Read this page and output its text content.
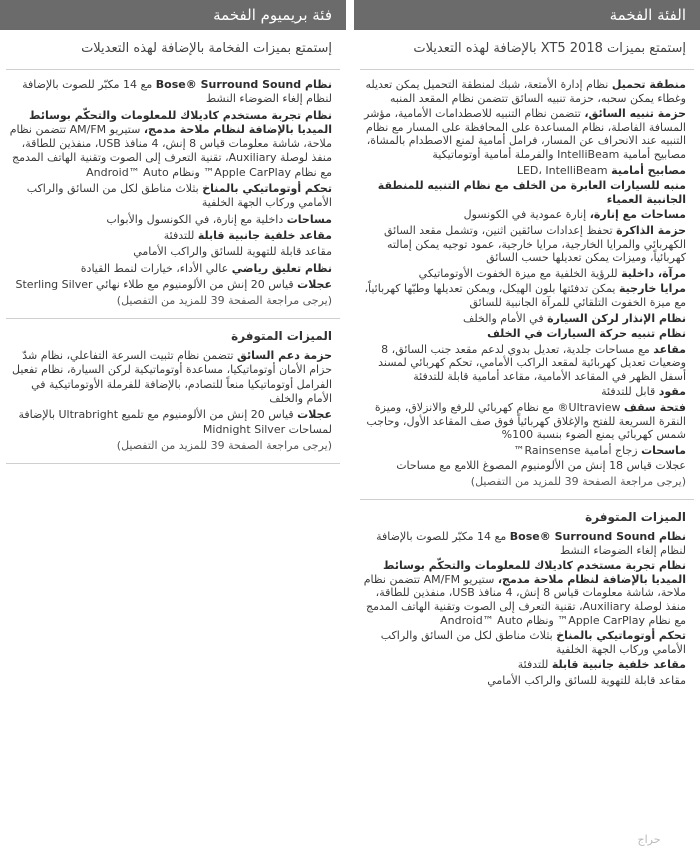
فئة بريميوم الفخمة
إستمتع بميزات الفخامة بالإضافة لهذه التعديلات

نظام Bose® Surround Sound مع 14 مكبّر للصوت بالإضافة لنظام إلغاء الضوضاء النشط

نظام تجربة مستخدم كاديلاك للمعلومات والتحكّم بوسائط الميديا بالإضافة لنظام ملاحة مدمج، ستيريو AM/FM تتضمن نظام ملاحة، شاشة معلومات قياس 8 إنش، 4 منافذ USB، منفذين للطاقة، منفذ لوصلة Auxiliary، تقنية التعرف إلى الصوت وتقنية الهاتف المدمج مع نظام Apple CarPlay™ ونظام Android™ Auto

تحكم أوتوماتيكي بالمناخ بثلاث مناطق لكل من السائق والراكب الأمامي وركاب الجهة الخلفية

مساحات داخلية مع إنارة، في الكونسول والأبواب

مقاعد خلفية جانبية قابلة للتدفئة

مقاعد قابلة للتهوية للسائق والراكب الأمامي

نظام تعليق رياضي عالي الأداء، خيارات لنمط القيادة

عجلات قياس 20 إنش من الألومنيوم مع طلاء نهائي Sterling Silver

(يرجى مراجعة الصفحة 39 للمزيد من التفصيل)
الميزات المتوفرة

حزمة دعم السائق تتضمن نظام تثبيت السرعة التفاعلي، نظام شدّ حزام الأمان أوتوماتيكيا، مساعدة أوتوماتيكية لركن السيارة، نظام تفعيل الفرامل أوتوماتيكيا منعاً للتصادم، بالإضافة للفرملة الأوتوماتيكية في الأمام والخلف

عجلات قياس 20 إنش من الألومنيوم مع تلميع Ultrabright بالإضافة لمساحات Midnight Silver

(يرجى مراجعة الصفحة 39 للمزيد من التفصيل)
الفئة الفخمة
إستمتع بميزات XT5 2018 بالإضافة لهذه التعديلات

منطقة تحميل نظام إدارة الأمتعة، شبك لمنطقة التحميل يمكن تعديله وغطاء يمكن سحبه، حزمة تنبيه السائق تتضمن نظام المقعد المنبه

حزمة تنبيه السائق، تتضمن نظام التنبيه للاصطدامات الأمامية، مؤشر المسافة الفاصلة، نظام المساعدة على المحافظة على المسار مع نظام التنبيه عند الانحراف عن المسار، فرامل أمامية لمنع الاصطدام بالمشاة، مصابيح أمامية IntelliBeam والفرملة أمامية أوتوماتيكية

مصابيح أمامية LED، IntelliBeam

منبه للسيارات العابرة من الخلف مع نظام التنبيه للمنطقة الجانبية العمياء

مساحات مع إنارة، إنارة عمودية في الكونسول

حزمة الذاكرة تحفظ إعدادات سائقين اثنين، وتشمل مقعد السائق الكهربائي والمرايا الخارجية، مرايا خارجية، عمود توجيه يمكن إمالته كهربائياً، وميزات يمكن تعديلها حسب السائق

مرآة، داخلية للرؤية الخلفية مع ميزة الخفوت الأوتوماتيكي

مرايا خارجية يمكن تدفئتها بلون الهيكل، ويمكن تعديلها وطيّها كهربائياً، مع ميزة الخفوت التلقائي للمرآة الجانبية للسائق

نظام الإنذار لركن السيارة في الأمام والخلف

نظام تنبيه حركة السيارات في الخلف

مقاعد مع مساحات جلدية، تعديل بدوي لدعم مقعد جنب السائق، 8 وضعيات تعديل كهربائية لمقعد الراكب الأمامي، تحكم كهربائي لمسند أسفل الظهر في المقاعد الأمامية، مقاعد أمامية قابلة للتدفئة

مقود قابل للتدفئة

فتحة سقف Ultraview® مع نظام كهربائي للرفع والانزلاق، وميزة النقرة السريعة للفتح والإغلاق كهربائياً فوق صف المقاعد الأول، وحاجب شمس كهربائي يمنع الضوء بنسبة 100%

ماسحات زجاج أمامية Rainsense™

عجلات قياس 18 إنش من الألومنيوم المصوغ اللامع مع مساحات

(يرجى مراجعة الصفحة 39 للمزيد من التفصيل)
الميزات المتوفرة

نظام Bose® Surround Sound مع 14 مكبّر للصوت بالإضافة لنظام إلغاء الضوضاء النشط

نظام تجربة مستخدم كاديلاك للمعلومات والتحكّم بوسائط الميديا بالإضافة لنظام ملاحة مدمج، ستيريو AM/FM تتضمن نظام ملاحة، شاشة معلومات قياس 8 إنش، 4 منافذ USB، منفذين للطاقة، منفذ لوصلة Auxiliary، تقنية التعرف إلى الصوت وتقنية الهاتف المدمج مع نظام Apple CarPlay™ ونظام Android™ Auto

تحكم أوتوماتيكي بالمناخ بثلاث مناطق لكل من السائق والراكب الأمامي وركاب الجهة الخلفية

مقاعد خلفية جانبية قابلة للتدفئة

مقاعد قابلة للتهوية للسائق والراكب الأمامي

حراج
